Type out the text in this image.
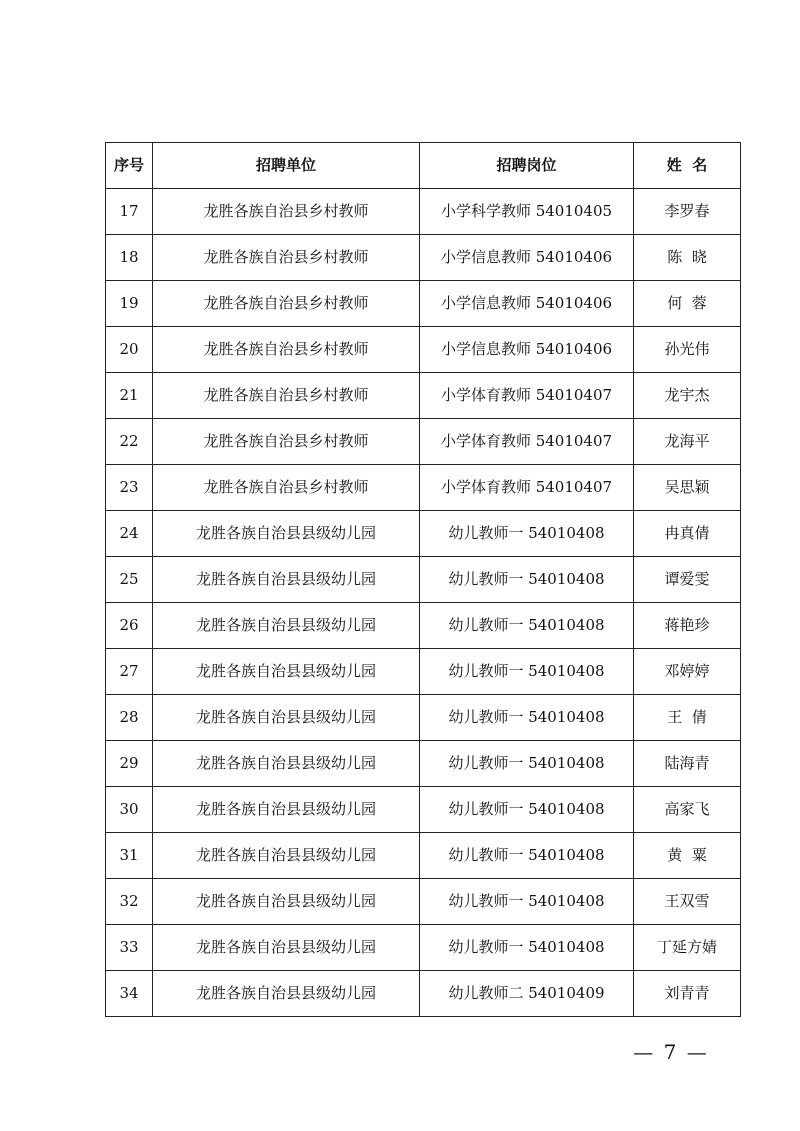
序号	招聘单位	招聘岗位	姓  名
17	龙胜各族自治县乡村教师	小学科学教师 54010405	李罗春
18	龙胜各族自治县乡村教师	小学信息教师 54010406	陈  晓
19	龙胜各族自治县乡村教师	小学信息教师 54010406	何  蓉
20	龙胜各族自治县乡村教师	小学信息教师 54010406	孙光伟
21	龙胜各族自治县乡村教师	小学体育教师 54010407	龙宇杰
22	龙胜各族自治县乡村教师	小学体育教师 54010407	龙海平
23	龙胜各族自治县乡村教师	小学体育教师 54010407	吴思颖
24	龙胜各族自治县县级幼儿园	幼儿教师一 54010408	冉真倩
25	龙胜各族自治县县级幼儿园	幼儿教师一 54010408	谭爱雯
26	龙胜各族自治县县级幼儿园	幼儿教师一 54010408	蒋艳珍
27	龙胜各族自治县县级幼儿园	幼儿教师一 54010408	邓婷婷
28	龙胜各族自治县县级幼儿园	幼儿教师一 54010408	王  倩
29	龙胜各族自治县县级幼儿园	幼儿教师一 54010408	陆海青
30	龙胜各族自治县县级幼儿园	幼儿教师一 54010408	高家飞
31	龙胜各族自治县县级幼儿园	幼儿教师一 54010408	黄  粟
32	龙胜各族自治县县级幼儿园	幼儿教师一 54010408	王双雪
33	龙胜各族自治县县级幼儿园	幼儿教师一 54010408	丁延方婧
34	龙胜各族自治县县级幼儿园	幼儿教师二 54010409	刘青青
— 7 —
